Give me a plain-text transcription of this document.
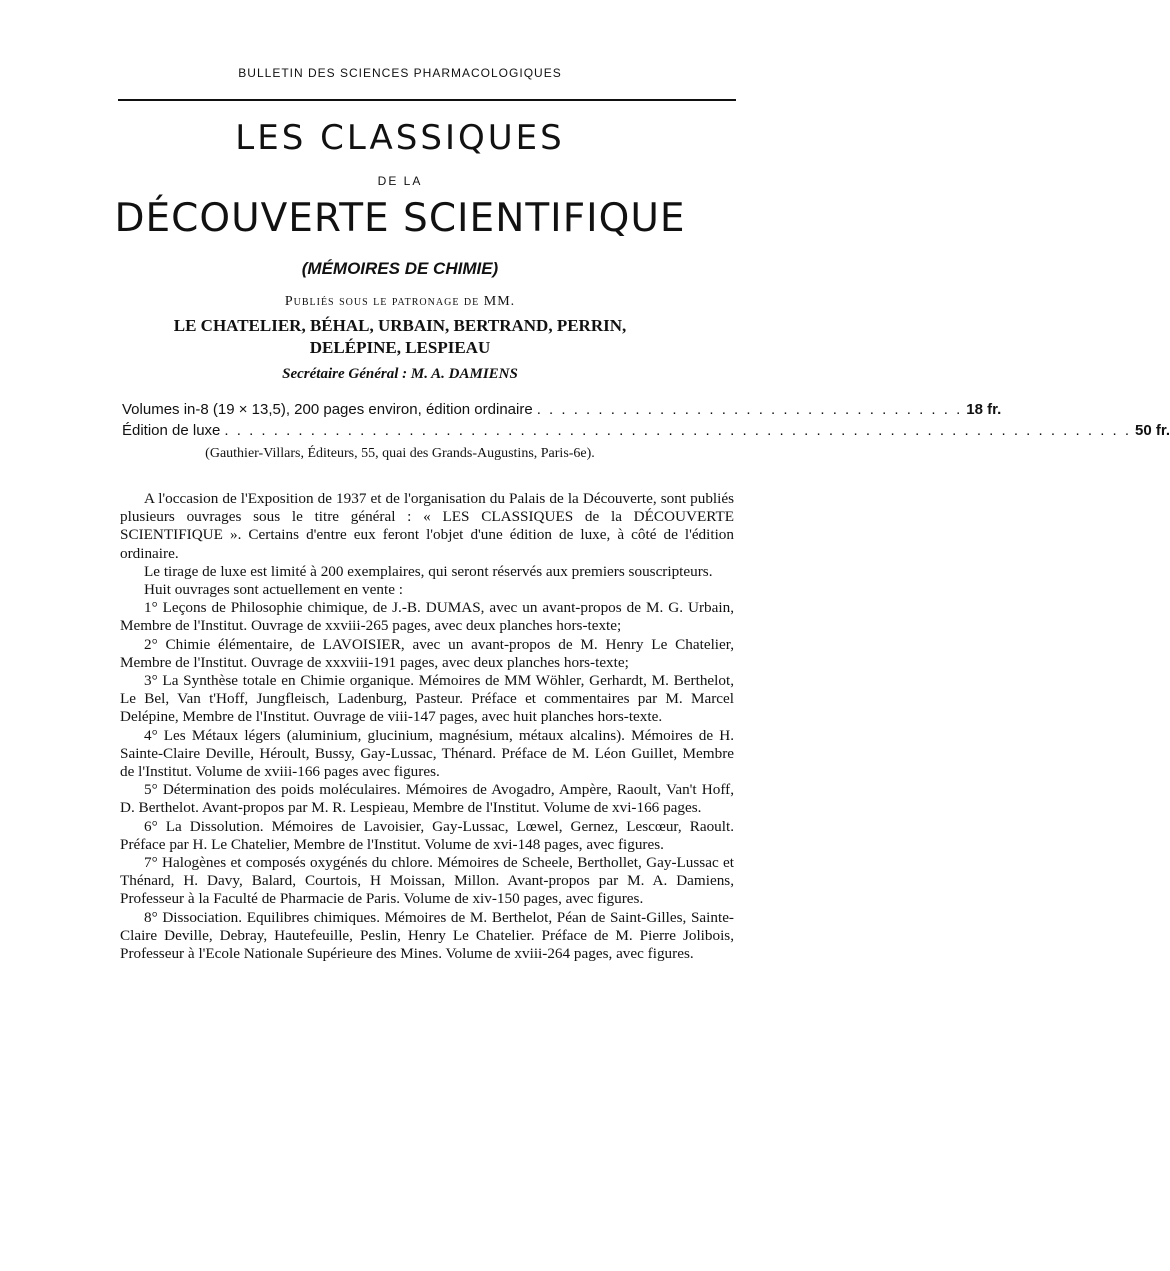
BULLETIN DES SCIENCES PHARMACOLOGIQUES
LES CLASSIQUES
DE LA
DÉCOUVERTE SCIENTIFIQUE
(MÉMOIRES DE CHIMIE)
Publiés sous le patronage de MM.
LE CHATELIER, BÉHAL, URBAIN, BERTRAND, PERRIN,
DELÉPINE, LESPIEAU
Secrétaire Général : M. A. DAMIENS
Volumes in-8 (19 × 13,5), 200 pages environ, édition ordinaire . . . . . . . . . . . . . . . . . . . . . . . . . . . . . . . . . . . 18 fr.
Édition de luxe . . . . . . . . . . . . . . . . . . . . . . . . . . . . . . . . . . . . . . . . . . . . . . . . . . . . . . . . . . . . . . . . . . . . . . . . . . 50 fr.
(Gauthier-Villars, Éditeurs, 55, quai des Grands-Augustins, Paris-6e).

A l'occasion de l'Exposition de 1937 et de l'organisation du Palais de la Découverte, sont publiés plusieurs ouvrages sous le titre général : « LES CLASSIQUES de la DÉCOUVERTE SCIENTIFIQUE ». Certains d'entre eux feront l'objet d'une édition de luxe, à côté de l'édition ordinaire.

Le tirage de luxe est limité à 200 exemplaires, qui seront réservés aux premiers souscripteurs.

Huit ouvrages sont actuellement en vente :

1° Leçons de Philosophie chimique, de J.-B. DUMAS, avec un avant-propos de M. G. Urbain, Membre de l'Institut. Ouvrage de xxviii-265 pages, avec deux planches hors-texte;

2° Chimie élémentaire, de LAVOISIER, avec un avant-propos de M. Henry Le Chatelier, Membre de l'Institut. Ouvrage de xxxviii-191 pages, avec deux planches hors-texte;

3° La Synthèse totale en Chimie organique. Mémoires de MM Wöhler, Gerhardt, M. Berthelot, Le Bel, Van t'Hoff, Jungfleisch, Ladenburg, Pasteur. Préface et commentaires par M. Marcel Delépine, Membre de l'Institut. Ouvrage de viii-147 pages, avec huit planches hors-texte.

4° Les Métaux légers (aluminium, glucinium, magnésium, métaux alcalins). Mémoires de H. Sainte-Claire Deville, Héroult, Bussy, Gay-Lussac, Thénard. Préface de M. Léon Guillet, Membre de l'Institut. Volume de xviii-166 pages avec figures.

5° Détermination des poids moléculaires. Mémoires de Avogadro, Ampère, Raoult, Van't Hoff, D. Berthelot. Avant-propos par M. R. Lespieau, Membre de l'Institut. Volume de xvi-166 pages.

6° La Dissolution. Mémoires de Lavoisier, Gay-Lussac, Lœwel, Gernez, Lescœur, Raoult. Préface par H. Le Chatelier, Membre de l'Institut. Volume de xvi-148 pages, avec figures.

7° Halogènes et composés oxygénés du chlore. Mémoires de Scheele, Berthollet, Gay-Lussac et Thénard, H. Davy, Balard, Courtois, H Moissan, Millon. Avant-propos par M. A. Damiens, Professeur à la Faculté de Pharmacie de Paris. Volume de xiv-150 pages, avec figures.

8° Dissociation. Equilibres chimiques. Mémoires de M. Berthelot, Péan de Saint-Gilles, Sainte-Claire Deville, Debray, Hautefeuille, Peslin, Henry Le Chatelier. Préface de M. Pierre Jolibois, Professeur à l'Ecole Nationale Supérieure des Mines. Volume de xviii-264 pages, avec figures.
